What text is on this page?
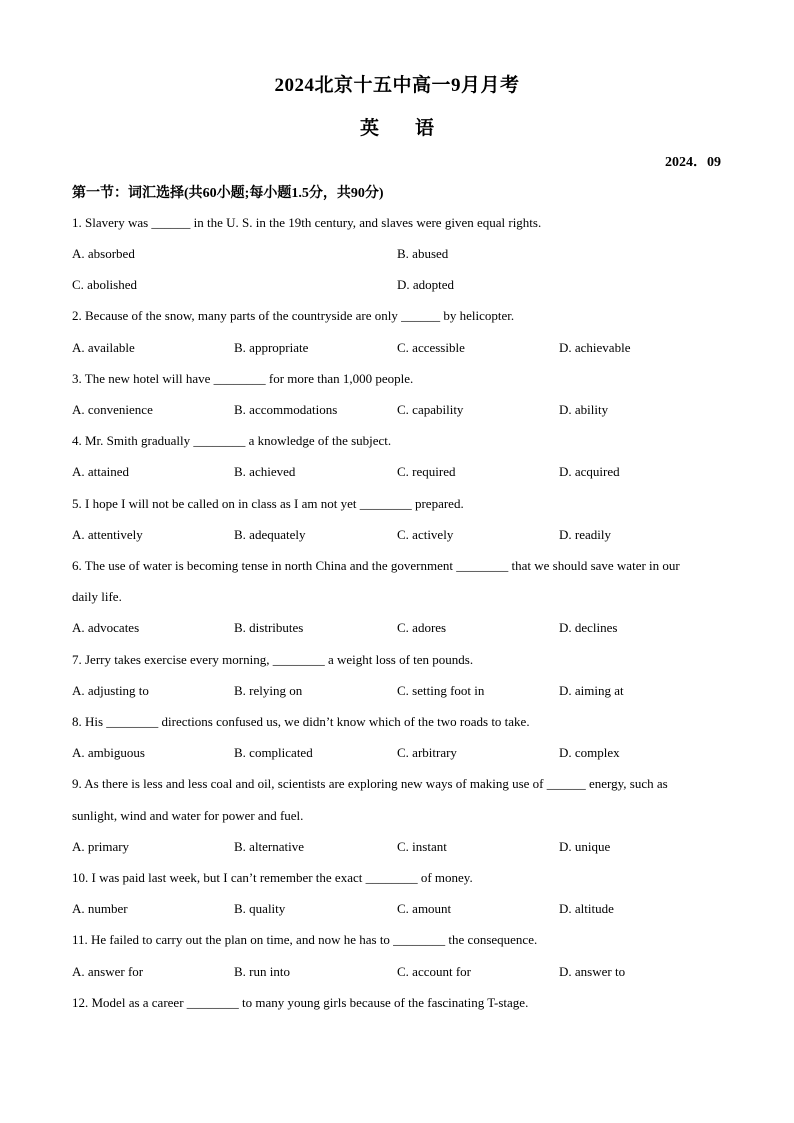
2024北京十五中高一9月月考
英 语
2024．09
第一节：词汇选择(共60小题;每小题1.5分，共90分)
1. Slavery was ______ in the U. S. in the 19th century, and slaves were given equal rights.
A. absorbed	B. abused
C. abolished	D. adopted
2. Because of the snow, many parts of the countryside are only ______ by helicopter.
A. available	B. appropriate	C. accessible	D. achievable
3. The new hotel will have ________ for more than 1,000 people.
A. convenience	B. accommodations	C. capability	D. ability
4. Mr. Smith gradually ________ a knowledge of the subject.
A. attained	B. achieved	C. required	D. acquired
5. I hope I will not be called on in class as I am not yet ________ prepared.
A. attentively	B. adequately	C. actively	D. readily
6. The use of water is becoming tense in north China and the government ________ that we should save water in our
daily life.
A. advocates	B. distributes	C. adores	D. declines
7. Jerry takes exercise every morning, ________ a weight loss of ten pounds.
A. adjusting to	B. relying on	C. setting foot in	D. aiming at
8. His ________ directions confused us, we didn’t know which of the two roads to take.
A. ambiguous	B. complicated	C. arbitrary	D. complex
9. As there is less and less coal and oil, scientists are exploring new ways of making use of ______ energy, such as
sunlight, wind and water for power and fuel.
A. primary	B. alternative	C. instant	D. unique
10. I was paid last week, but I can’t remember the exact ________ of money.
A. number	B. quality	C. amount	D. altitude
11. He failed to carry out the plan on time, and now he has to ________ the consequence.
A. answer for	B. run into	C. account for	D. answer to
12. Model as a career ________ to many young girls because of the fascinating T-stage.
